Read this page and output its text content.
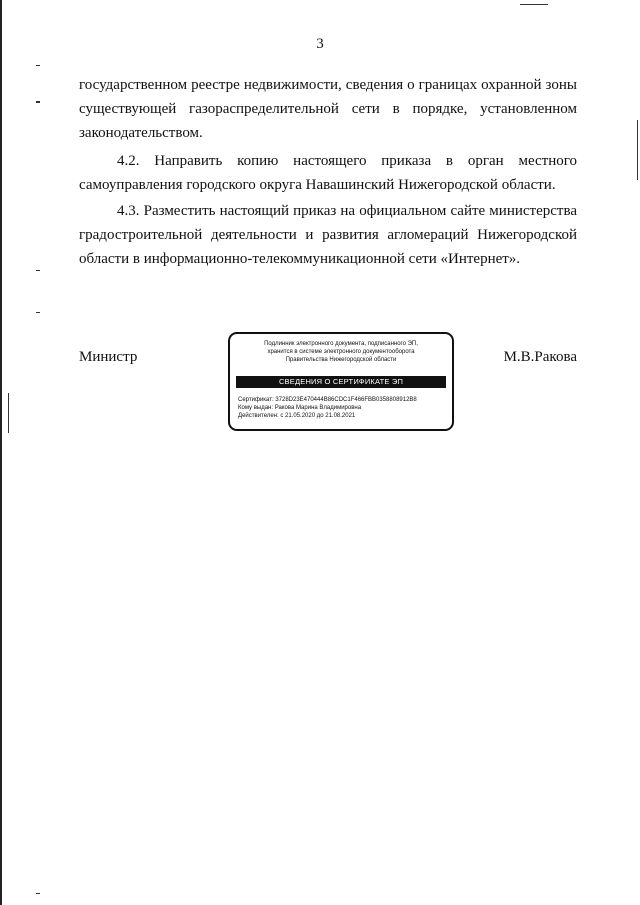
3

государственном реестре недвижимости, сведения о границах охранной зоны существующей газораспределительной сети в порядке, установленном законодательством.

4.2. Направить копию настоящего приказа в орган местного самоуправления городского округа Навашинский Нижегородской области.

4.3. Разместить настоящий приказ на официальном сайте министерства градостроительной деятельности и развития агломераций Нижегородской области в информационно-телекоммуникационной сети «Интернет».

Министр
Подлинник электронного документа, подписанного ЭП,
хранится в системе электронного документооборота
Правительства Нижегородской области
СВЕДЕНИЯ О СЕРТИФИКАТЕ ЭП
Сертификат: 3728D23E470444B86CDC1F466FBB0358808912B8
Кому выдан: Ракова Марина Владимировна
Действителен: с 21.05.2020 до 21.08.2021
М.В.Ракова
